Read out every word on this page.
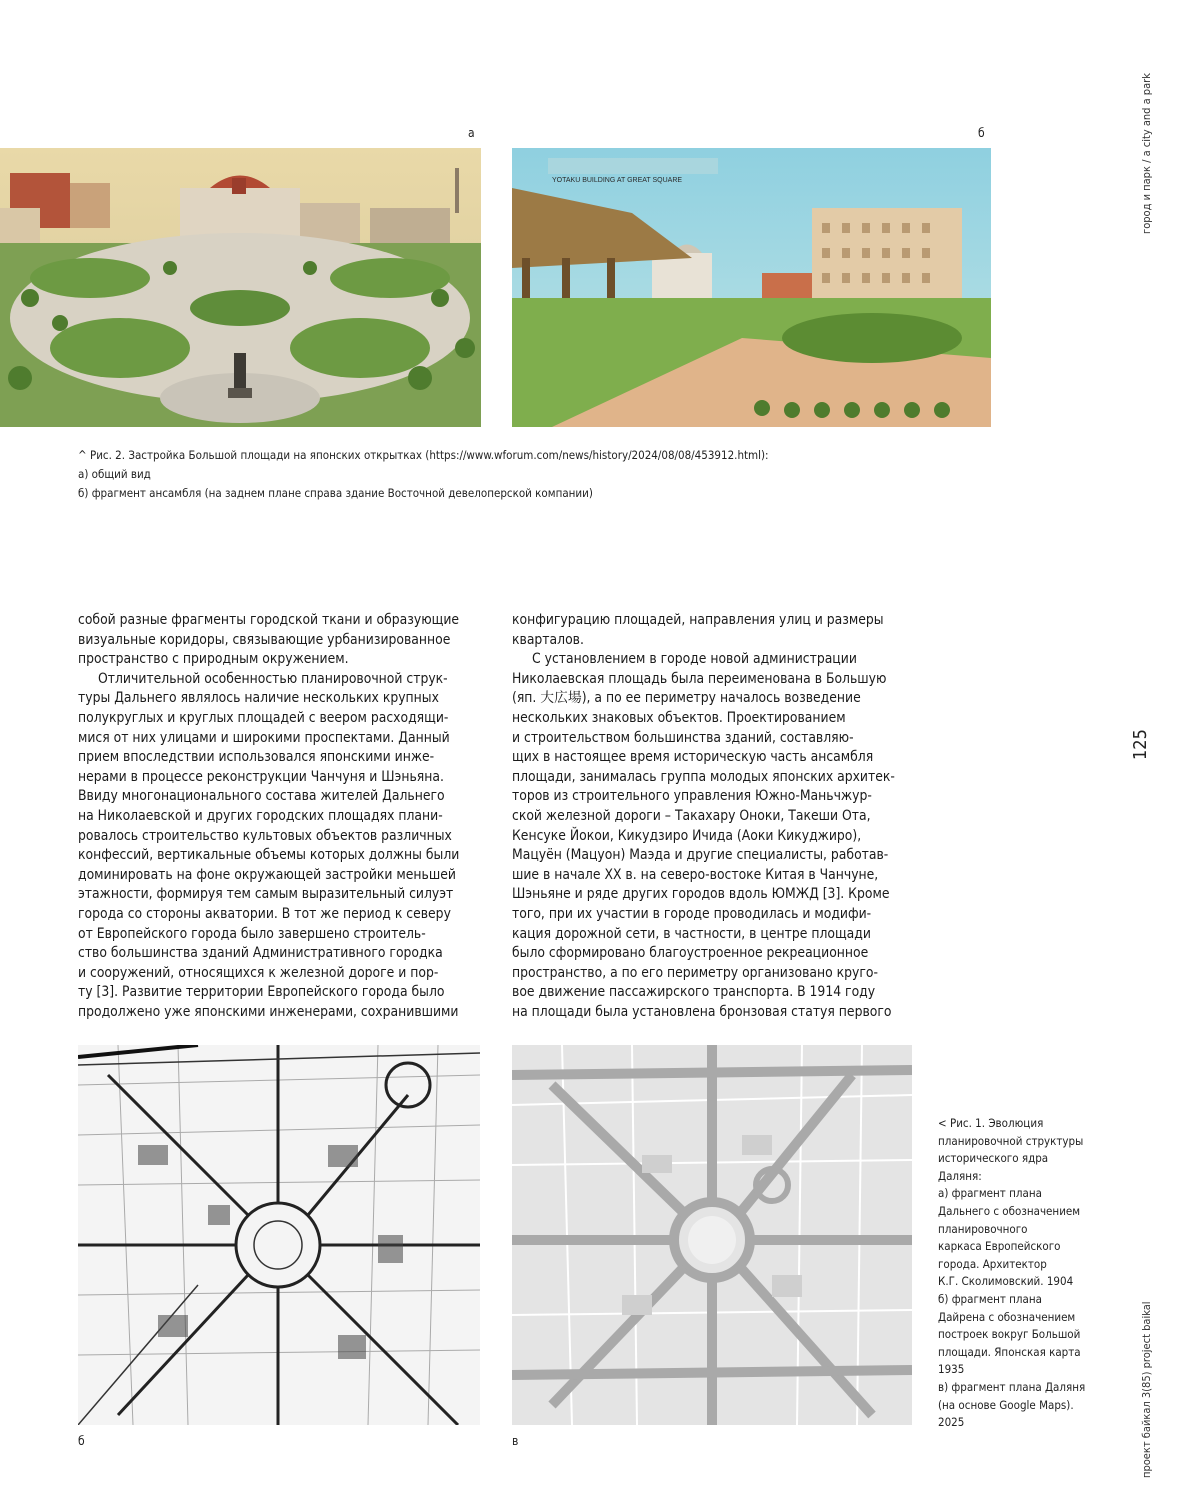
город и парк / a city and a park
125
проект байкал 3(85) project baikal
а	б
YOTAKU BUILDING AT GREAT SQUARE
^ Рис. 2. Застройка Большой площади на японских открытках (https://www.wforum.com/news/history/2024/08/08/453912.html):
а) общий вид
б) фрагмент ансамбля (на заднем плане справа здание Восточной девелоперской компании)

собой разные фрагменты городской ткани и образующие

визуальные коридоры, связывающие урбанизированное

пространство с природным окружением.

Отличительной особенностью планировочной струк-

туры Дальнего являлось наличие нескольких крупных

полукруглых и круглых площадей с веером расходящи-

мися от них улицами и широкими проспектами. Данный

прием впоследствии использовался японскими инже-

нерами в процессе реконструкции Чанчуня и Шэньяна.

Ввиду многонационального состава жителей Дальнего

на Николаевской и других городских площадях плани-

ровалось строительство культовых объектов различных

конфессий, вертикальные объемы которых должны были

доминировать на фоне окружающей застройки меньшей

этажности, формируя тем самым выразительный силуэт

города со стороны акватории. В тот же период к северу

от Европейского города было завершено строитель-

ство большинства зданий Административного городка

и сооружений, относящихся к железной дороге и пор-

ту [3]. Развитие территории Европейского города было

продолжено уже японскими инженерами, сохранившими

конфигурацию площадей, направления улиц и размеры

кварталов.

С установлением в городе новой администрации

Николаевская площадь была переименована в Большую

(яп. 大広場), а по ее периметру началось возведение

нескольких знаковых объектов. Проектированием

и строительством большинства зданий, составляю-

щих в настоящее время историческую часть ансамбля

площади, занималась группа молодых японских архитек-

торов из строительного управления Южно-Маньчжур-

ской железной дороги – Такахару Оноки, Такеши Ота,

Кенсуке Йокои, Кикудзиро Ичида (Аоки Кикуджиро),

Мацуён (Мацуон) Маэда и другие специалисты, работав-

шие в начале XX в. на северо-востоке Китая в Чанчуне,

Шэньяне и ряде других городов вдоль ЮМЖД [3]. Кроме

того, при их участии в городе проводилась и модифи-

кация дорожной сети, в частности, в центре площади

было сформировано благоустроенное рекреационное

пространство, а по его периметру организовано круго-

вое движение пассажирского транспорта. В 1914 году

на площади была установлена бронзовая статуя первого

б	в
< Рис. 1. Эволюция
планировочной структуры
исторического ядра
Даляня:
а) фрагмент плана
Дальнего с обозначением
планировочного
каркаса Европейского
города. Архитектор
К.Г. Сколимовский. 1904
б) фрагмент плана
Дайрена с обозначением
построек вокруг Большой
площади. Японская карта
1935
в) фрагмент плана Даляня
(на основе Google Maps).
2025
